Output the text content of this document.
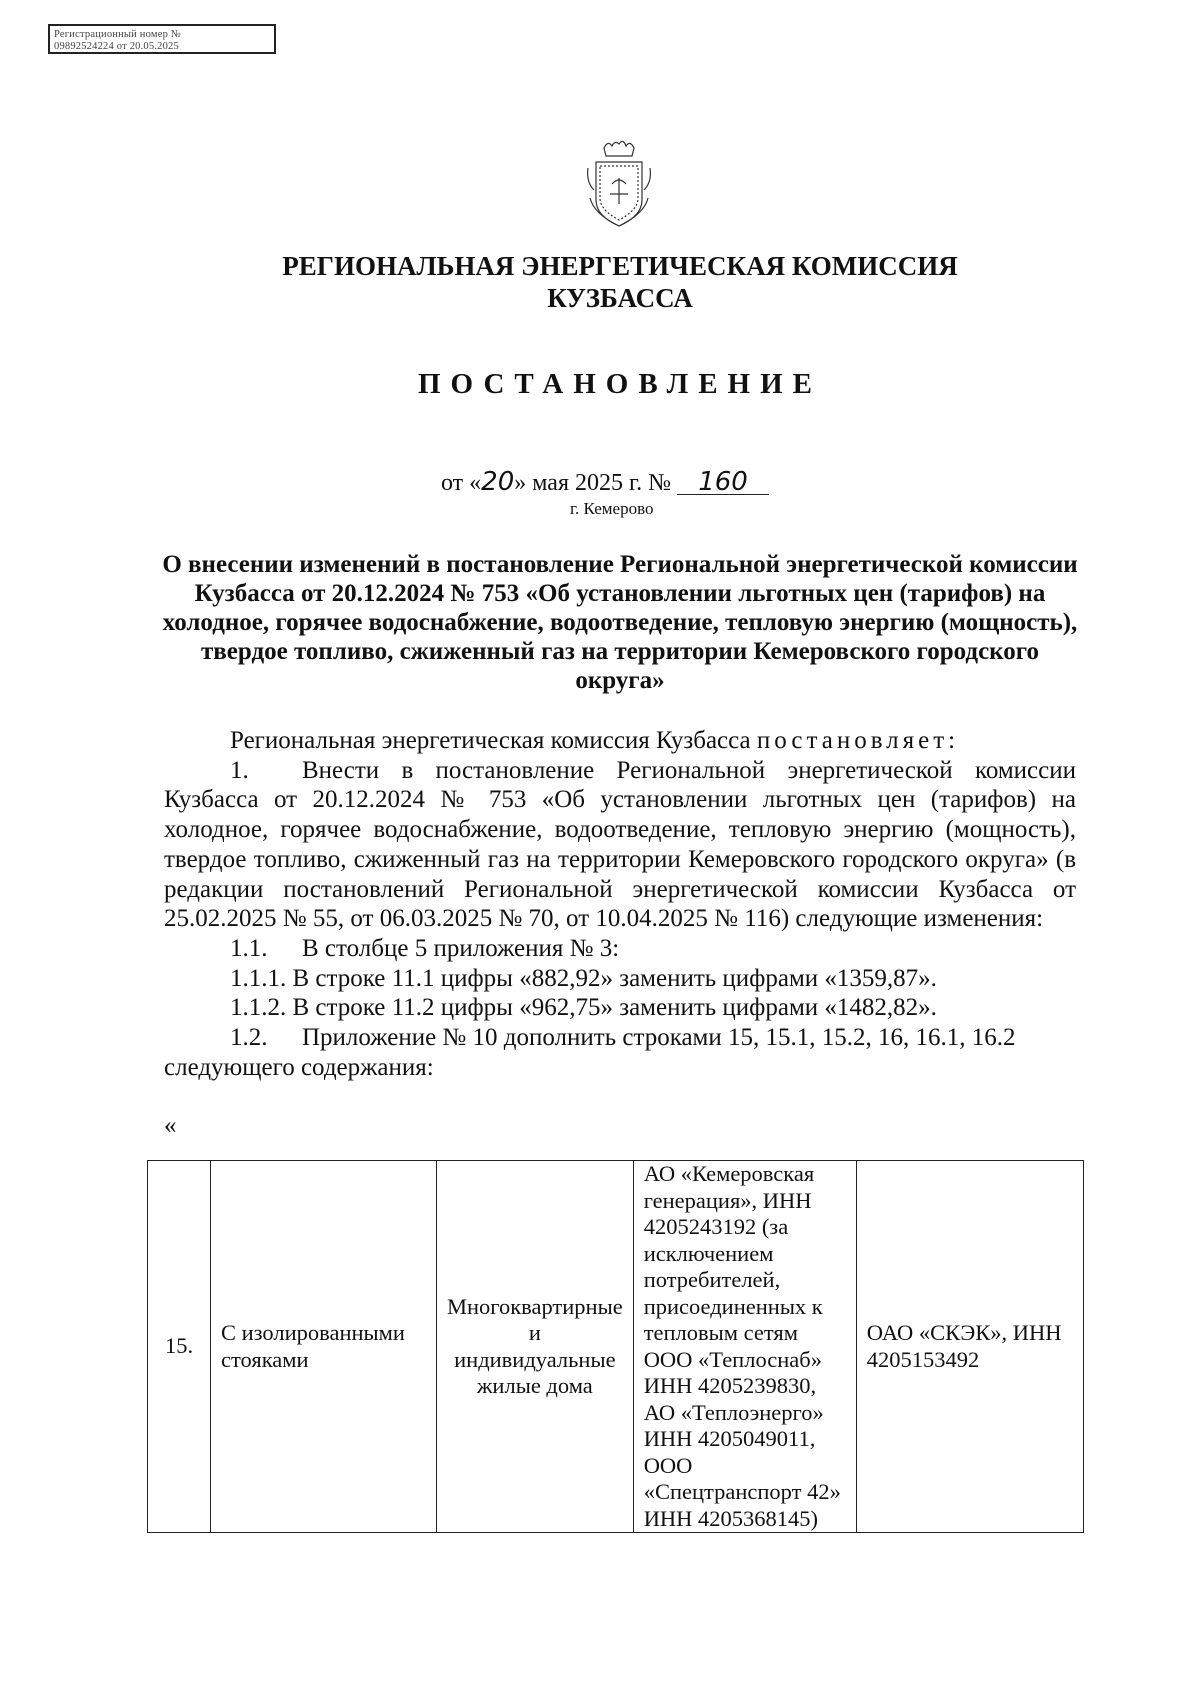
Регистрационный номер №
09892524224 от 20.05.2025
РЕГИОНАЛЬНАЯ ЭНЕРГЕТИЧЕСКАЯ КОМИССИЯ
КУЗБАССА
ПОСТАНОВЛЕНИЕ
от «20» мая 2025 г. № 160
г. Кемерово
О внесении изменений в постановление Региональной энергетической комиссии Кузбасса от 20.12.2024 № 753 «Об установлении льготных цен (тарифов) на холодное, горячее водоснабжение, водоотведение, тепловую энергию (мощность), твердое топливо, сжиженный газ на территории Кемеровского городского округа»

Региональная энергетическая комиссия Кузбасса постановляет:

1. Внести в постановление Региональной энергетической комиссии Кузбасса от 20.12.2024 № 753 «Об установлении льготных цен (тарифов) на холодное, горячее водоснабжение, водоотведение, тепловую энергию (мощность), твердое топливо, сжиженный газ на территории Кемеровского городского округа» (в редакции постановлений Региональной энергетической комиссии Кузбасса от 25.02.2025 № 55, от 06.03.2025 № 70, от 10.04.2025 № 116) следующие изменения:

1.1. В столбце 5 приложения № 3:

1.1.1. В строке 11.1 цифры «882,92» заменить цифрами «1359,87».

1.1.2. В строке 11.2 цифры «962,75» заменить цифрами «1482,82».

1.2. Приложение № 10 дополнить строками 15, 15.1, 15.2, 16, 16.1, 16.2 следующего содержания:

«
15.	С изолированными стояками	Многоквартирные и индивидуальные жилые дома	АО «Кемеровская генерация», ИНН 4205243192 (за исключением потребителей, присоединенных к тепловым сетям ООО «Теплоснаб» ИНН 4205239830, АО «Теплоэнерго» ИНН 4205049011, ООО «Спецтранспорт 42» ИНН 4205368145)	ОАО «СКЭК», ИНН 4205153492
